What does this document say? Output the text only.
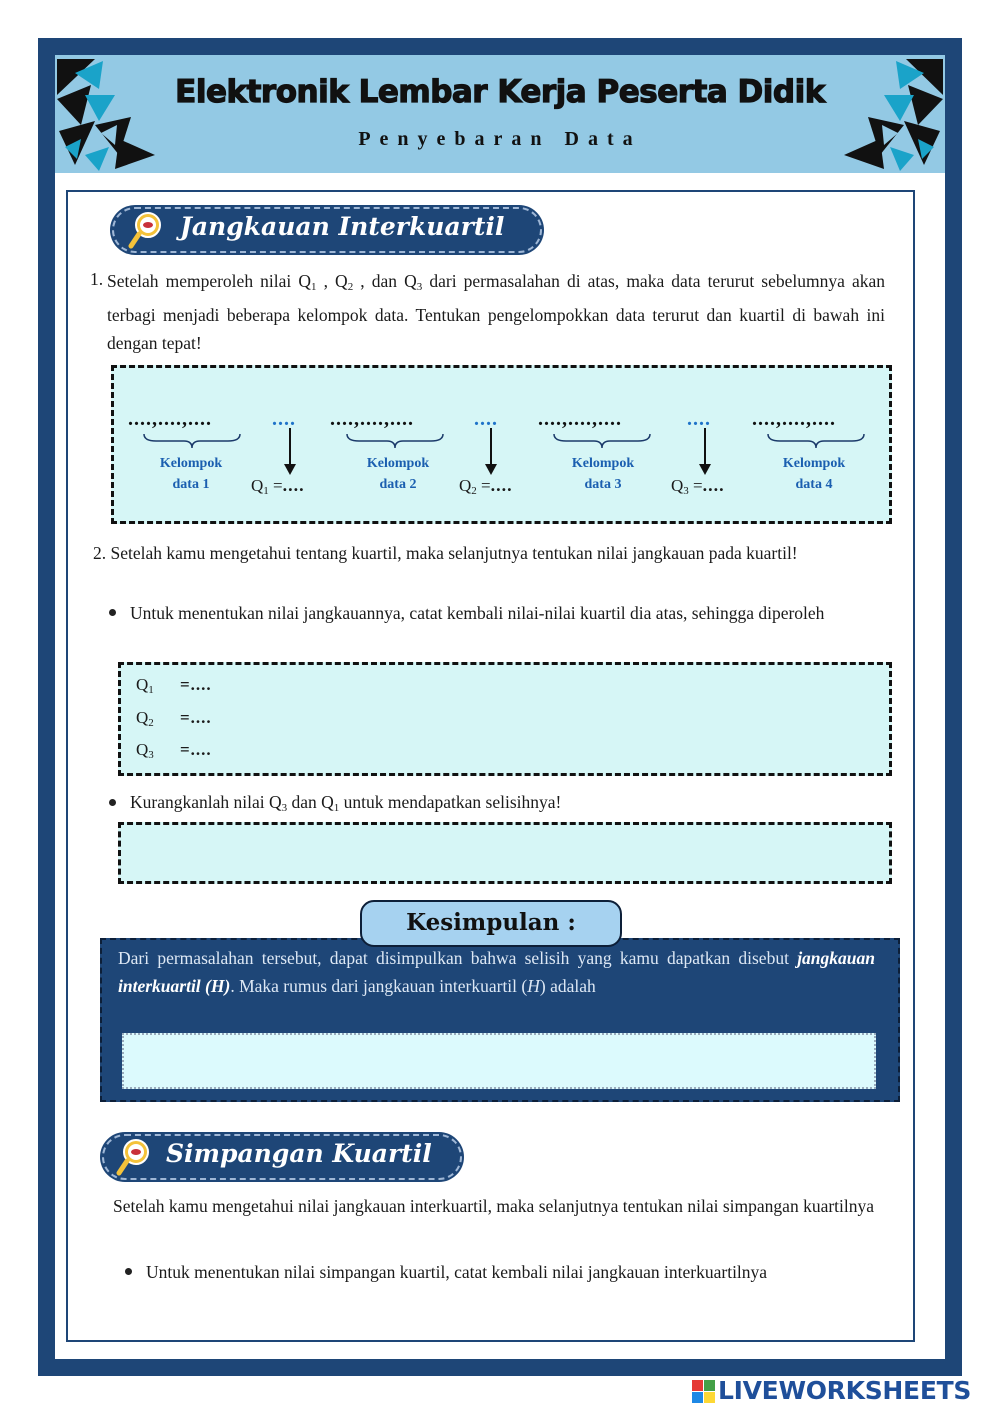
Elektronik Lembar Kerja Peserta Didik
Penyebaran Data
Jangkauan Interkuartil
1. Setelah memperoleh nilai $Q_1$ , $Q_2$ , dan $Q_3$ dari permasalahan di atas, maka data terurut sebelumnya akan terbagi menjadi beberapa kelompok data. Tentukan pengelompokkan data terurut dan kuartil di bawah ini dengan tepat!
....,....,....	....,....,....	....,....,....	....,....,....
....	....	....
Kelompok
data 1
Kelompok
data 2
Kelompok
data 3
Kelompok
data 4
$Q_1$ =....	$Q_2$ =....	$Q_3$ =....
2. Setelah kamu mengetahui tentang kuartil, maka selanjutnya tentukan nilai jangkauan pada kuartil!
Untuk menentukan nilai jangkauannya, catat kembali nilai-nilai kuartil dia atas, sehingga diperoleh
$Q_1$ =....
$Q_2$ =....
$Q_3$ =....
Kurangkanlah nilai $Q_3$ dan $Q_1$ untuk mendapatkan selisihnya!
Dari permasalahan tersebut, dapat disimpulkan bahwa selisih yang kamu dapatkan disebut jangkauan interkuartil (H). Maka rumus dari jangkauan interkuartil (H) adalah
Kesimpulan :
Simpangan Kuartil
Setelah kamu mengetahui nilai jangkauan interkuartil, maka selanjutnya tentukan nilai simpangan kuartilnya
Untuk menentukan nilai simpangan kuartil, catat kembali nilai jangkauan interkuartilnya
LIVEWORKSHEETS
